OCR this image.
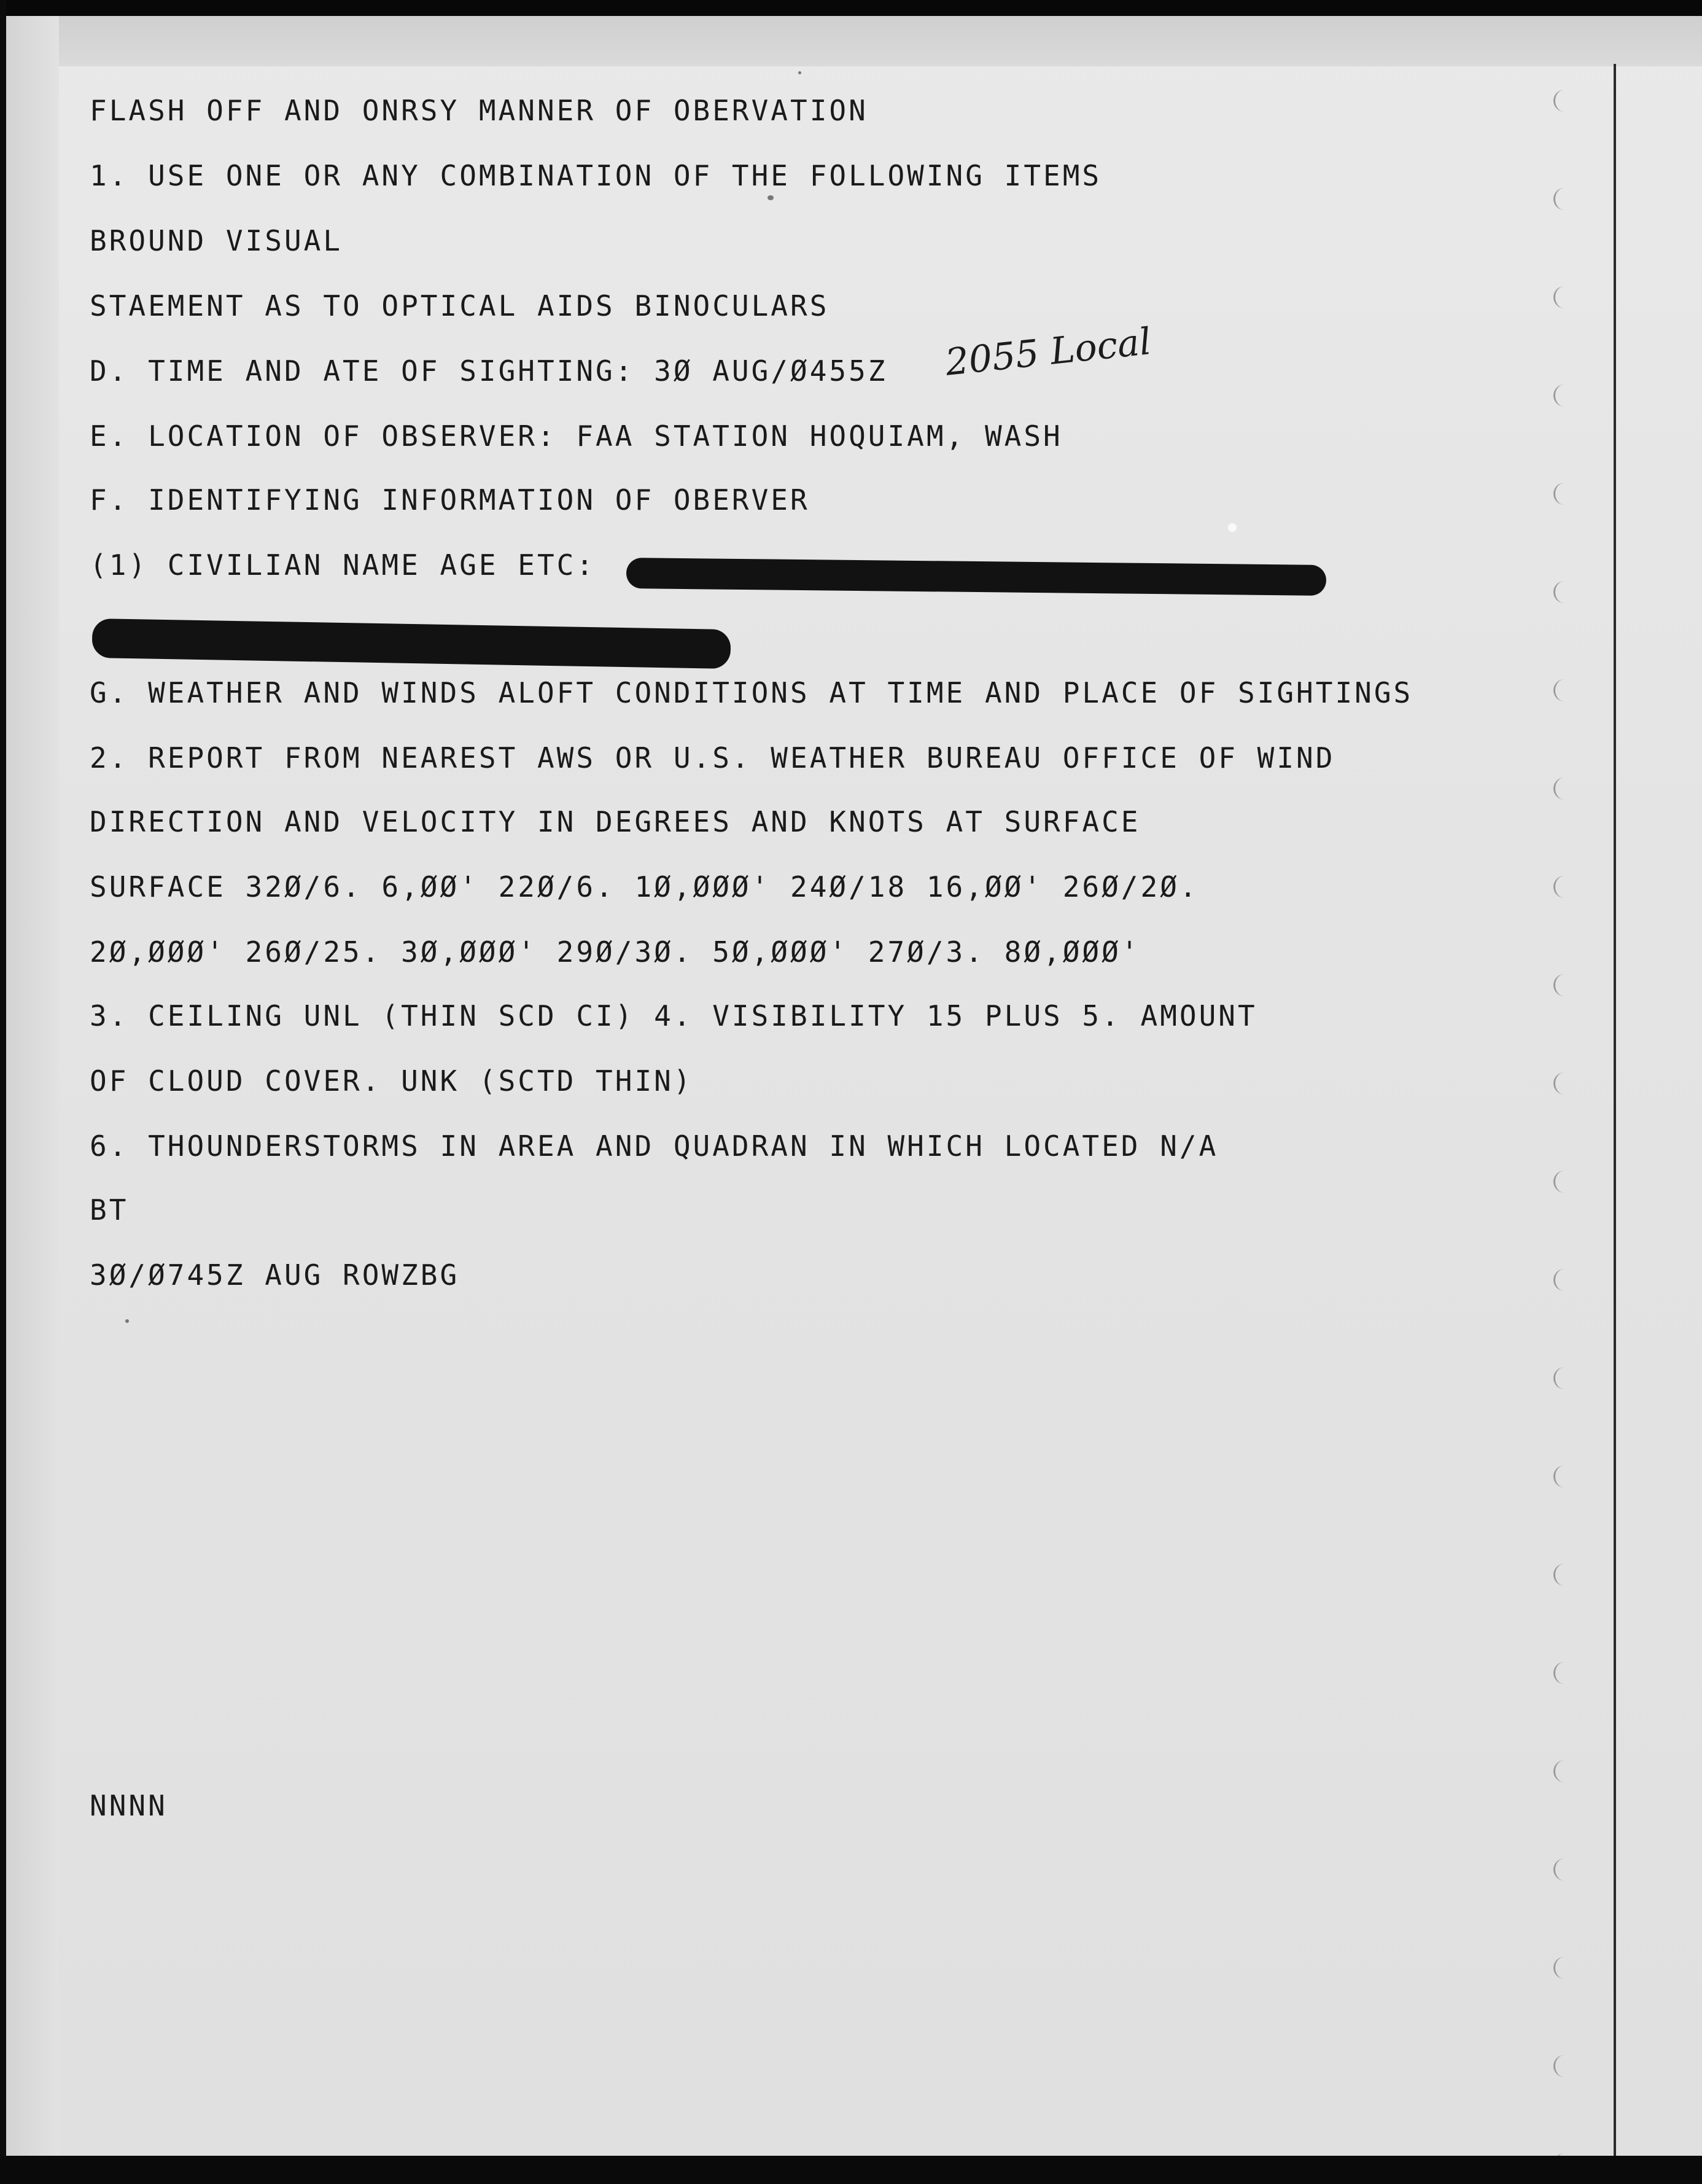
FLASH OFF AND ONRSY MANNER OF OBERVATION

1. USE ONE OR ANY COMBINATION OF THE FOLLOWING ITEMS

BROUND VISUAL

STAEMENT AS TO OPTICAL AIDS BINOCULARS

D. TIME AND ATE OF SIGHTING: 3Ø AUG/Ø455Z

E. LOCATION OF OBSERVER: FAA STATION HOQUIAM, WASH

F. IDENTIFYING INFORMATION OF OBERVER

(1) CIVILIAN NAME AGE ETC:

G. WEATHER AND WINDS ALOFT CONDITIONS AT TIME AND PLACE OF SIGHTINGS

2. REPORT FROM NEAREST AWS OR U.S. WEATHER BUREAU OFFICE OF WIND

DIRECTION AND VELOCITY IN DEGREES AND KNOTS AT SURFACE

SURFACE 32Ø/6. 6,ØØ' 22Ø/6. 1Ø,ØØØ' 24Ø/18 16,ØØ' 26Ø/2Ø.

2Ø,ØØØ' 26Ø/25. 3Ø,ØØØ' 29Ø/3Ø. 5Ø,ØØØ' 27Ø/3. 8Ø,ØØØ'

3. CEILING UNL (THIN SCD CI) 4. VISIBILITY 15 PLUS 5. AMOUNT

OF CLOUD COVER. UNK (SCTD THIN)

6. THOUNDERSTORMS IN AREA AND QUADRAN IN WHICH LOCATED N/A

BT

3Ø/Ø745Z AUG ROWZBG

NNNN

2055 Local
